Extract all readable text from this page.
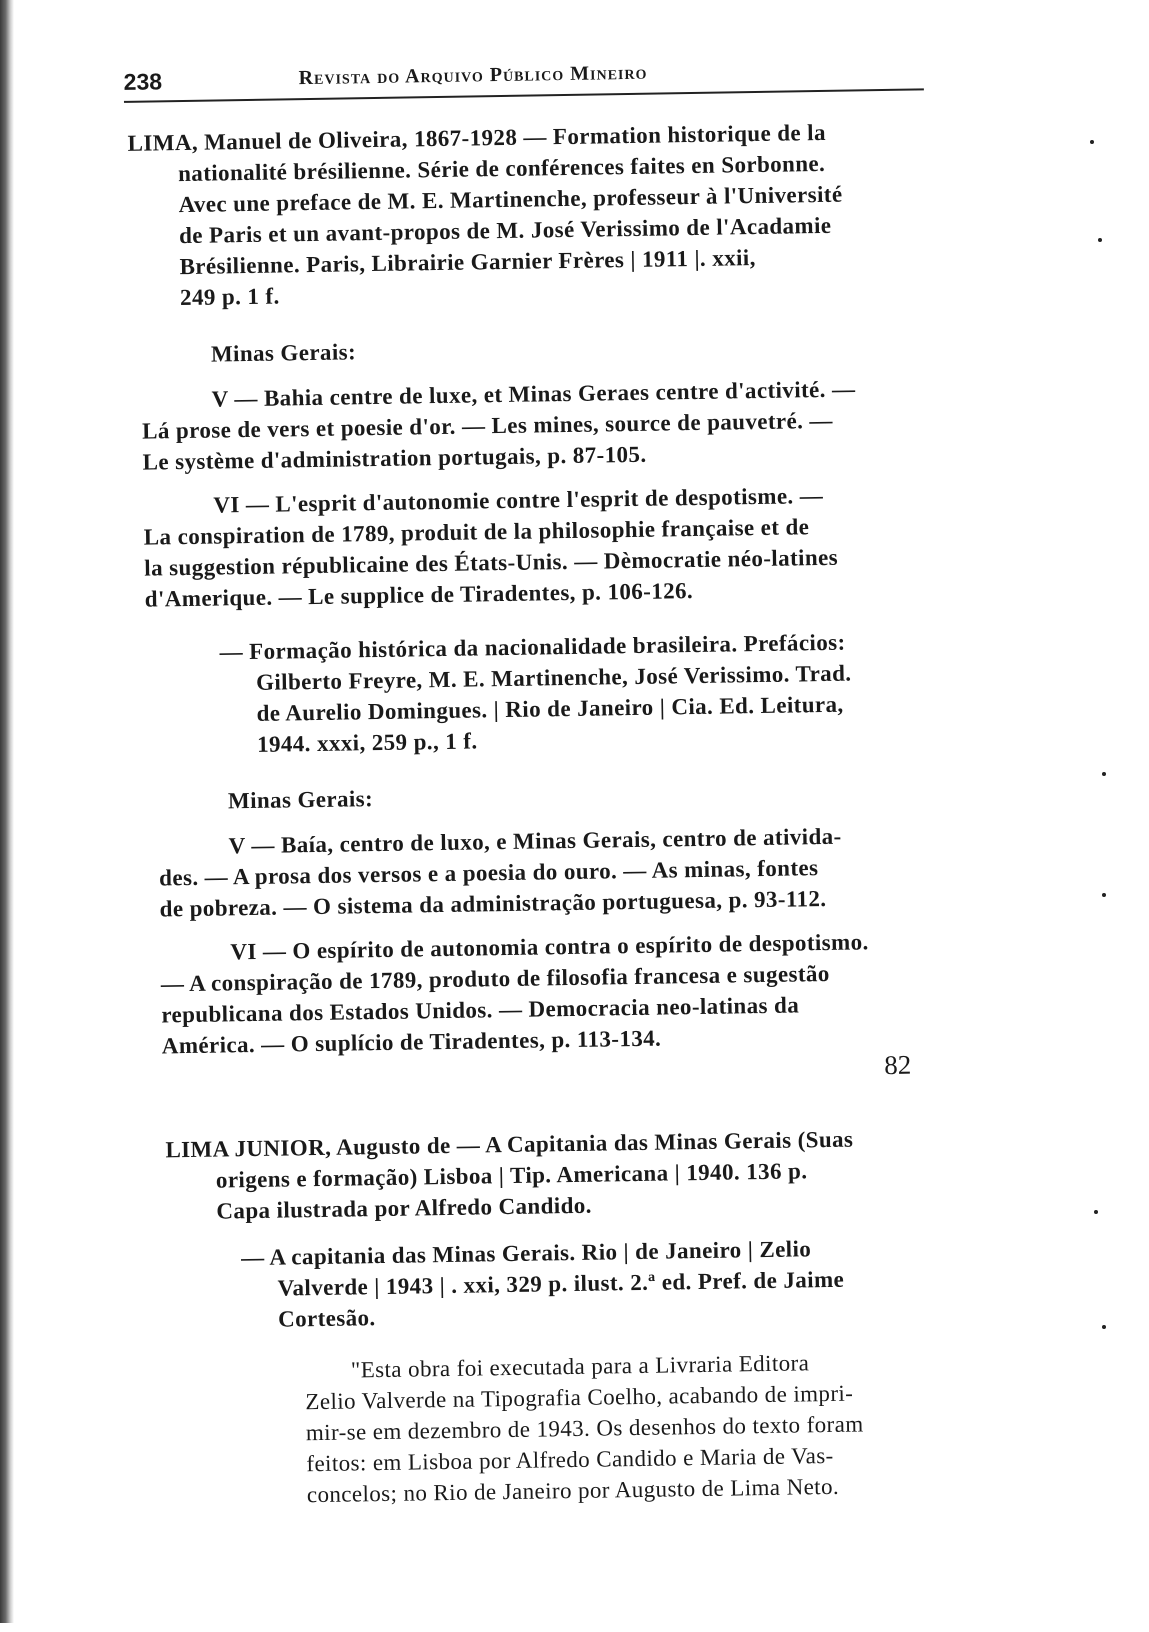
238	Revista do Arquivo Público Mineiro
LIMA, Manuel de Oliveira, 1867-1928 — Formation historique de la
nationalité brésilienne. Série de conférences faites en Sorbonne.
Avec une preface de M. E. Martinenche, professeur à l'Université
de Paris et un avant-propos de M. José Verissimo de l'Acadamie
Brésilienne. Paris, Librairie Garnier Frères | 1911 |. xxii,
249 p. 1 f.
Minas Gerais:
V — Bahia centre de luxe, et Minas Geraes centre d'activité. —
Lá prose de vers et poesie d'or. — Les mines, source de pauvetré. —
Le système d'administration portugais, p. 87-105.
VI — L'esprit d'autonomie contre l'esprit de despotisme. —
La conspiration de 1789, produit de la philosophie française et de
la suggestion républicaine des États-Unis. — Dèmocratie néo-latines
d'Amerique. — Le supplice de Tiradentes, p. 106-126.
— Formação histórica da nacionalidade brasileira. Prefácios:
Gilberto Freyre, M. E. Martinenche, José Verissimo. Trad.
de Aurelio Domingues. | Rio de Janeiro | Cia. Ed. Leitura,
1944. xxxi, 259 p., 1 f.
Minas Gerais:
V — Baía, centro de luxo, e Minas Gerais, centro de ativida-
des. — A prosa dos versos e a poesia do ouro. — As minas, fontes
de pobreza. — O sistema da administração portuguesa, p. 93-112.
VI — O espírito de autonomia contra o espírito de despotismo.
— A conspiração de 1789, produto de filosofia francesa e sugestão
republicana dos Estados Unidos. — Democracia neo-latinas da
América. — O suplício de Tiradentes, p. 113-134.
82
LIMA JUNIOR, Augusto de — A Capitania das Minas Gerais (Suas
origens e formação) Lisboa | Tip. Americana | 1940. 136 p.
Capa ilustrada por Alfredo Candido.
— A capitania das Minas Gerais. Rio | de Janeiro | Zelio
Valverde | 1943 | . xxi, 329 p. ilust. 2.ª ed. Pref. de Jaime
Cortesão.
"Esta obra foi executada para a Livraria Editora
Zelio Valverde na Tipografia Coelho, acabando de impri-
mir-se em dezembro de 1943. Os desenhos do texto foram
feitos: em Lisboa por Alfredo Candido e Maria de Vas-
concelos; no Rio de Janeiro por Augusto de Lima Neto.
